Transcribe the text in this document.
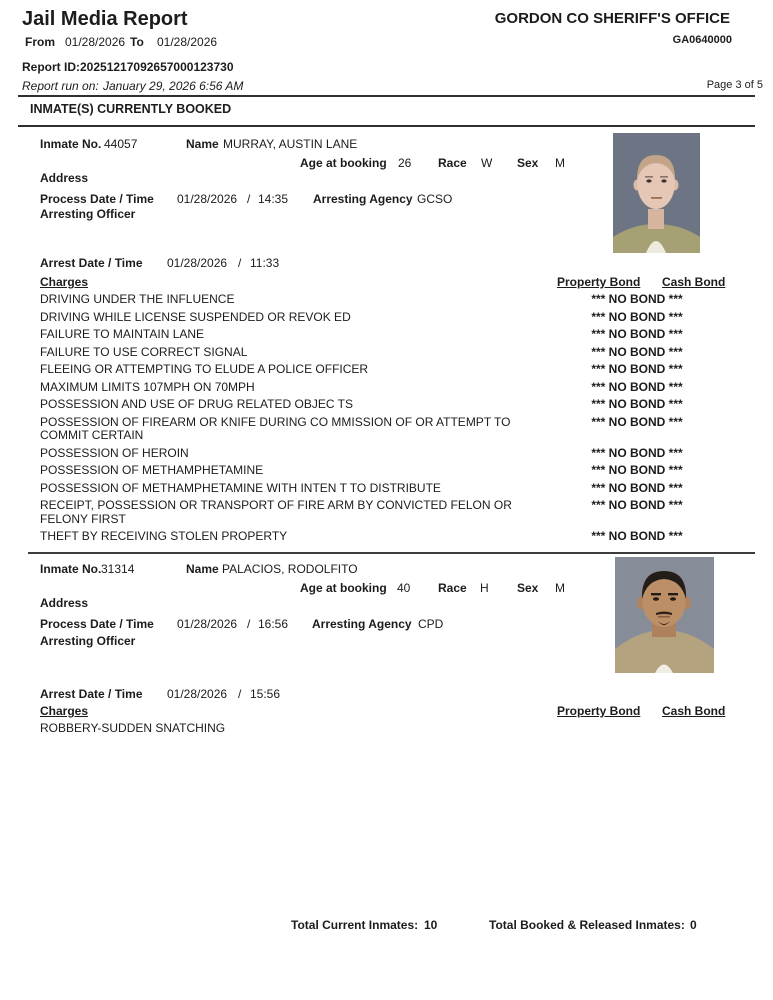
Jail Media Report
From 01/28/2026 To 01/28/2026
GORDON CO SHERIFF'S OFFICE
GA0640000
Report ID: 20251217092657000123730
Report run on: January 29, 2026 6:56 AM	Page 3 of 5
INMATE(S) CURRENTLY BOOKED
Inmate No. 44057	Name MURRAY, AUSTIN LANE
Age at booking 26 Race W Sex M
Address
Process Date / Time 01/28/2026 / 14:35 Arresting Agency GCSO
Arresting Officer
Arrest Date / Time 01/28/2026 / 11:33
Charges	Property Bond Cash Bond
DRIVING UNDER THE INFLUENCE	*** NO BOND ***
DRIVING WHILE LICENSE SUSPENDED OR REVOK ED	*** NO BOND ***
FAILURE TO MAINTAIN LANE	*** NO BOND ***
FAILURE TO USE CORRECT SIGNAL	*** NO BOND ***
FLEEING OR ATTEMPTING TO ELUDE A POLICE OFFICER	*** NO BOND ***
MAXIMUM LIMITS 107MPH ON 70MPH	*** NO BOND ***
POSSESSION AND USE OF DRUG RELATED OBJEC TS	*** NO BOND ***
POSSESSION OF FIREARM OR KNIFE DURING CO MMISSION OF OR ATTEMPT TO COMMIT CERTAIN
*** NO BOND ***
POSSESSION OF HEROIN	*** NO BOND ***
POSSESSION OF METHAMPHETAMINE	*** NO BOND ***
POSSESSION OF METHAMPHETAMINE WITH INTEN T TO DISTRIBUTE	*** NO BOND ***
RECEIPT, POSSESSION OR TRANSPORT OF FIRE ARM BY CONVICTED FELON OR FELONY FIRST
*** NO BOND ***
THEFT BY RECEIVING STOLEN PROPERTY	*** NO BOND ***
Inmate No. 31314	Name PALACIOS, RODOLFITO
Age at booking 40 Race H Sex M
Address
Process Date / Time 01/28/2026 / 16:56 Arresting Agency CPD
Arresting Officer
Arrest Date / Time 01/28/2026 / 15:56
Charges	Property Bond Cash Bond
ROBBERY-SUDDEN SNATCHING
Total Current Inmates: 10	Total Booked & Released Inmates: 0
